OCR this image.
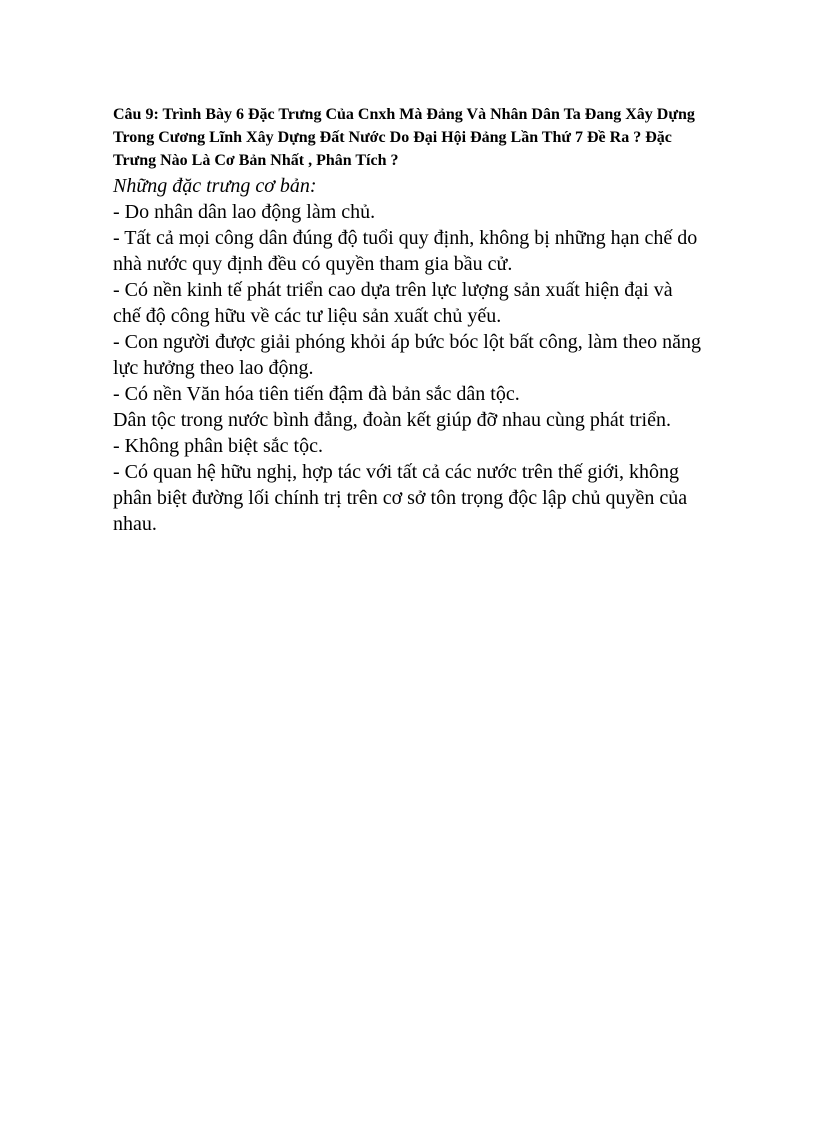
Câu 9: Trình Bày 6 Đặc Trưng Của Cnxh Mà Đảng Và Nhân Dân Ta Đang Xây Dựng Trong Cương Lĩnh Xây Dựng Đất Nước Do Đại Hội Đảng Lần Thứ 7 Đề Ra ? Đặc Trưng Nào Là Cơ Bản Nhất , Phân Tích ?

Những đặc trưng cơ bản:

- Do nhân dân lao động làm chủ.

- Tất cả mọi công dân đúng độ tuổi quy định, không bị những hạn chế do nhà nước quy định đều có quyền tham gia bầu cử.

- Có nền kinh tế phát triển cao dựa trên lực lượng sản xuất hiện đại và chế độ công hữu về các tư liệu sản xuất chủ yếu.

- Con người được giải phóng khỏi áp bức bóc lột bất công, làm theo năng lực hưởng theo lao động.

- Có nền Văn hóa tiên tiến đậm đà bản sắc dân tộc.

Dân tộc trong nước bình đẳng, đoàn kết giúp đỡ nhau cùng phát triển.

- Không phân biệt sắc tộc.

- Có quan hệ hữu nghị, hợp tác với tất cả các nước trên thế giới, không phân biệt đường lối chính trị trên cơ sở tôn trọng độc lập chủ quyền của nhau.
